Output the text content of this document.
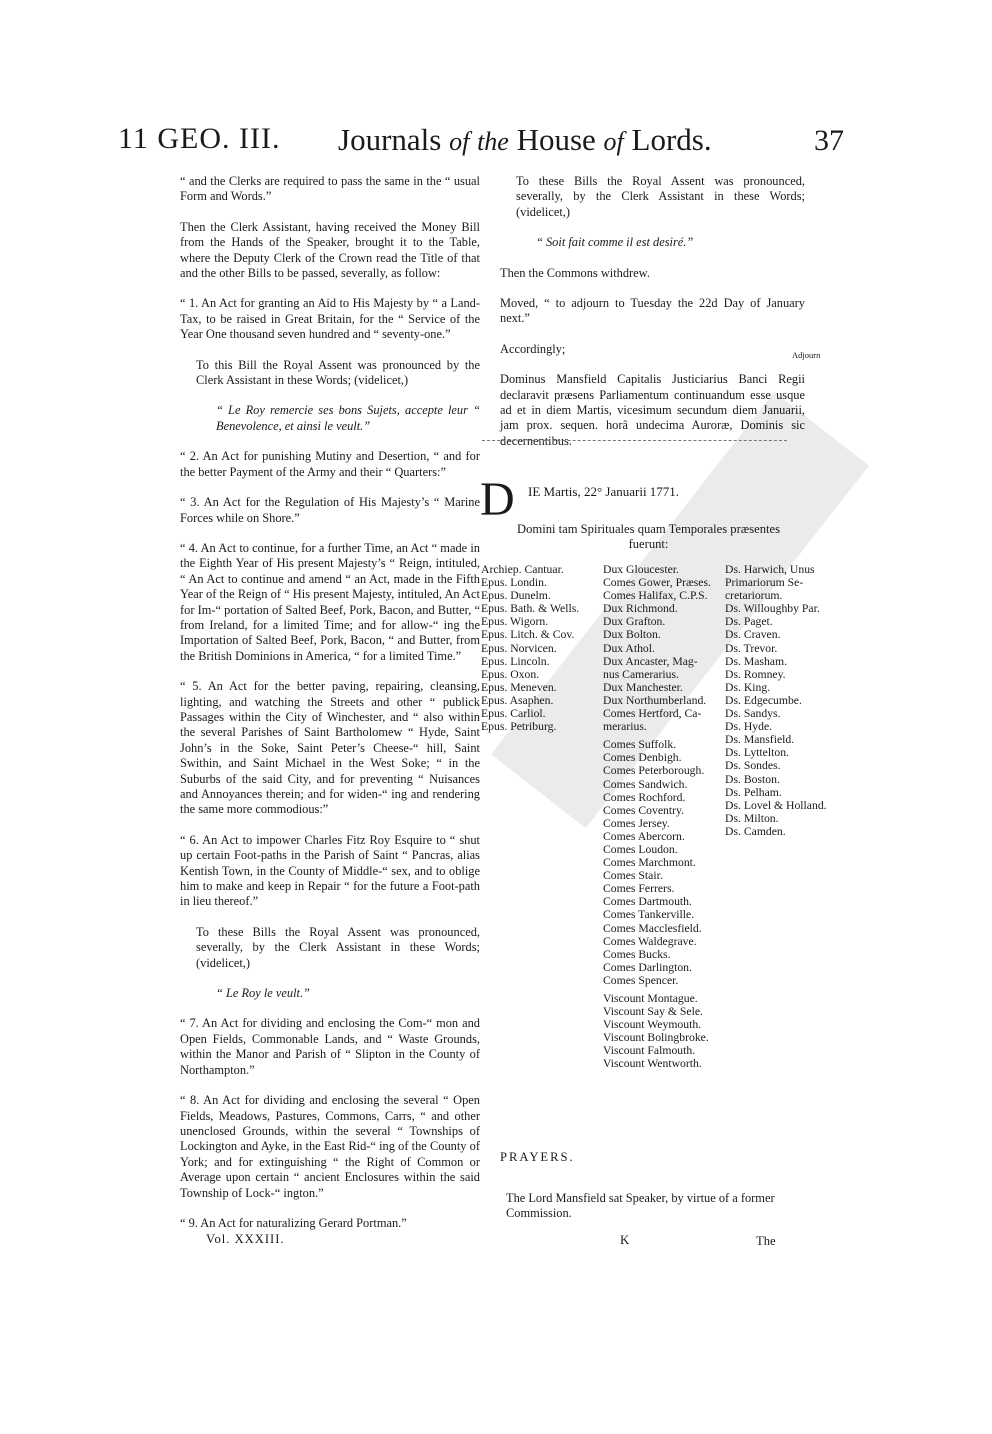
11 GEO. III. Journals of the House of Lords.	37

“ and the Clerks are required to pass the same in the “ usual Form and Words.”

Then the Clerk Assistant, having received the Money Bill from the Hands of the Speaker, brought it to the Table, where the Deputy Clerk of the Crown read the Title of that and the other Bills to be passed, severally, as follow:

“ 1. An Act for granting an Aid to His Majesty by “ a Land-Tax, to be raised in Great Britain, for the “ Service of the Year One thousand seven hundred and “ seventy-one.”

To this Bill the Royal Assent was pronounced by the Clerk Assistant in these Words; (videlicet,)

“ Le Roy remercie ses bons Sujets, accepte leur “ Benevolence, et ainsi le veult.”

“ 2. An Act for punishing Mutiny and Desertion, “ and for the better Payment of the Army and their “ Quarters:”

“ 3. An Act for the Regulation of His Majesty’s “ Marine Forces while on Shore.”

“ 4. An Act to continue, for a further Time, an Act “ made in the Eighth Year of His present Majesty’s “ Reign, intituled, “ An Act to continue and amend “ an Act, made in the Fifth Year of the Reign of “ His present Majesty, intituled, An Act for Im-“ portation of Salted Beef, Pork, Bacon, and Butter, “ from Ireland, for a limited Time; and for allow-“ ing the Importation of Salted Beef, Pork, Bacon, “ and Butter, from the British Dominions in America, “ for a limited Time.”

“ 5. An Act for the better paving, repairing, cleansing, lighting, and watching the Streets and other “ publick Passages within the City of Winchester, and “ also within the several Parishes of Saint Bartholomew “ Hyde, Saint John’s in the Soke, Saint Peter’s Cheese-“ hill, Saint Swithin, and Saint Michael in the West Soke; “ in the Suburbs of the said City, and for preventing “ Nuisances and Annoyances therein; and for widen-“ ing and rendering the same more commodious:”

“ 6. An Act to impower Charles Fitz Roy Esquire to “ shut up certain Foot-paths in the Parish of Saint “ Pancras, alias Kentish Town, in the County of Middle-“ sex, and to oblige him to make and keep in Repair “ for the future a Foot-path in lieu thereof.”

To these Bills the Royal Assent was pronounced, severally, by the Clerk Assistant in these Words; (videlicet,)

“ Le Roy le veult.”

“ 7. An Act for dividing and enclosing the Com-“ mon and Open Fields, Commonable Lands, and “ Waste Grounds, within the Manor and Parish of “ Slipton in the County of Northampton.”

“ 8. An Act for dividing and enclosing the several “ Open Fields, Meadows, Pastures, Commons, Carrs, “ and other unenclosed Grounds, within the several “ Townships of Lockington and Ayke, in the East Rid-“ ing of the County of York; and for extinguishing “ the Right of Common or Average upon certain “ ancient Enclosures within the said Township of Lock-“ ington.”

“ 9. An Act for naturalizing Gerard Portman.”

To these Bills the Royal Assent was pronounced, severally, by the Clerk Assistant in these Words; (videlicet,)

“ Soit fait comme il est desiré.”

Then the Commons withdrew.

Moved, “ to adjourn to Tuesday the 22d Day of January next.”

Accordingly;

Dominus Mansfield Capitalis Justiciarius Banci Regii declaravit præsens Parliamentum continuandum esse usque ad et in diem Martis, vicesimum secundum diem Januarii, jam prox. sequen. horâ undecima Auroræ, Dominis sic decernentibus.

Adjourn
D IE Martis, 22° Januarii 1771.
Domini tam Spirituales quam Temporales præsentes fuerunt:
Archiep. Cantuar.
Epus. Londin.
Epus. Dunelm.
Epus. Bath. & Wells.
Epus. Wigorn.
Epus. Litch. & Cov.
Epus. Norvicen.
Epus. Lincoln.
Epus. Oxon.
Epus. Meneven.
Epus. Asaphen.
Epus. Carliol.
Epus. Petriburg.
Dux Gloucester.
Comes Gower, Præses.
Comes Halifax, C.P.S.
Dux Richmond.
Dux Grafton.
Dux Bolton.
Dux Athol.
Dux Ancaster, Mag-
nus Camerarius.
Dux Manchester.
Dux Northumberland.
Comes Hertford, Ca-
merarius.
Comes Suffolk.
Comes Denbigh.
Comes Peterborough.
Comes Sandwich.
Comes Rochford.
Comes Coventry.
Comes Jersey.
Comes Abercorn.
Comes Loudon.
Comes Marchmont.
Comes Stair.
Comes Ferrers.
Comes Dartmouth.
Comes Tankerville.
Comes Macclesfield.
Comes Waldegrave.
Comes Bucks.
Comes Darlington.
Comes Spencer.
Viscount Montague.
Viscount Say & Sele.
Viscount Weymouth.
Viscount Bolingbroke.
Viscount Falmouth.
Viscount Wentworth.
Ds. Harwich, Unus
Primariorum Se-
cretariorum.
Ds. Willoughby Par.
Ds. Paget.
Ds. Craven.
Ds. Trevor.
Ds. Masham.
Ds. Romney.
Ds. King.
Ds. Edgecumbe.
Ds. Sandys.
Ds. Hyde.
Ds. Mansfield.
Ds. Lyttelton.
Ds. Sondes.
Ds. Boston.
Ds. Pelham.
Ds. Lovel & Holland.
Ds. Milton.
Ds. Camden.
PRAYERS.
The Lord Mansfield sat Speaker, by virtue of a former Commission.
Vol. XXXIII.	K	The
